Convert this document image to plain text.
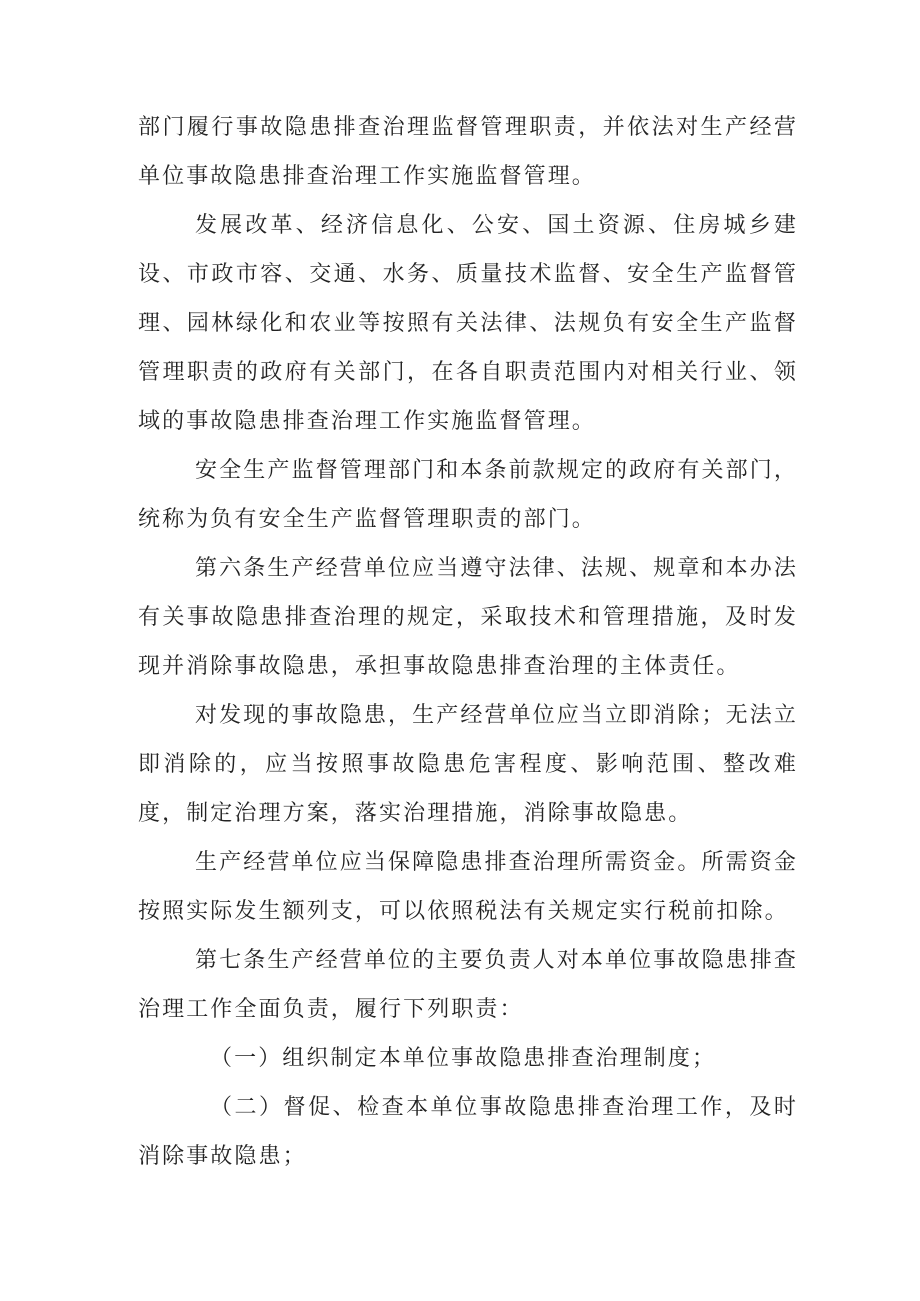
部门履行事故隐患排查治理监督管理职责，并依法对生产经营单位事故隐患排查治理工作实施监督管理。

发展改革、经济信息化、公安、国土资源、住房城乡建设、市政市容、交通、水务、质量技术监督、安全生产监督管理、园林绿化和农业等按照有关法律、法规负有安全生产监督管理职责的政府有关部门，在各自职责范围内对相关行业、领域的事故隐患排查治理工作实施监督管理。

安全生产监督管理部门和本条前款规定的政府有关部门，统称为负有安全生产监督管理职责的部门。

第六条生产经营单位应当遵守法律、法规、规章和本办法有关事故隐患排查治理的规定，采取技术和管理措施，及时发现并消除事故隐患，承担事故隐患排查治理的主体责任。

对发现的事故隐患，生产经营单位应当立即消除；无法立即消除的，应当按照事故隐患危害程度、影响范围、整改难度，制定治理方案，落实治理措施，消除事故隐患。

生产经营单位应当保障隐患排查治理所需资金。所需资金按照实际发生额列支，可以依照税法有关规定实行税前扣除。

第七条生产经营单位的主要负责人对本单位事故隐患排查治理工作全面负责，履行下列职责：

（一）组织制定本单位事故隐患排查治理制度；

（二）督促、检查本单位事故隐患排查治理工作，及时消除事故隐患；
